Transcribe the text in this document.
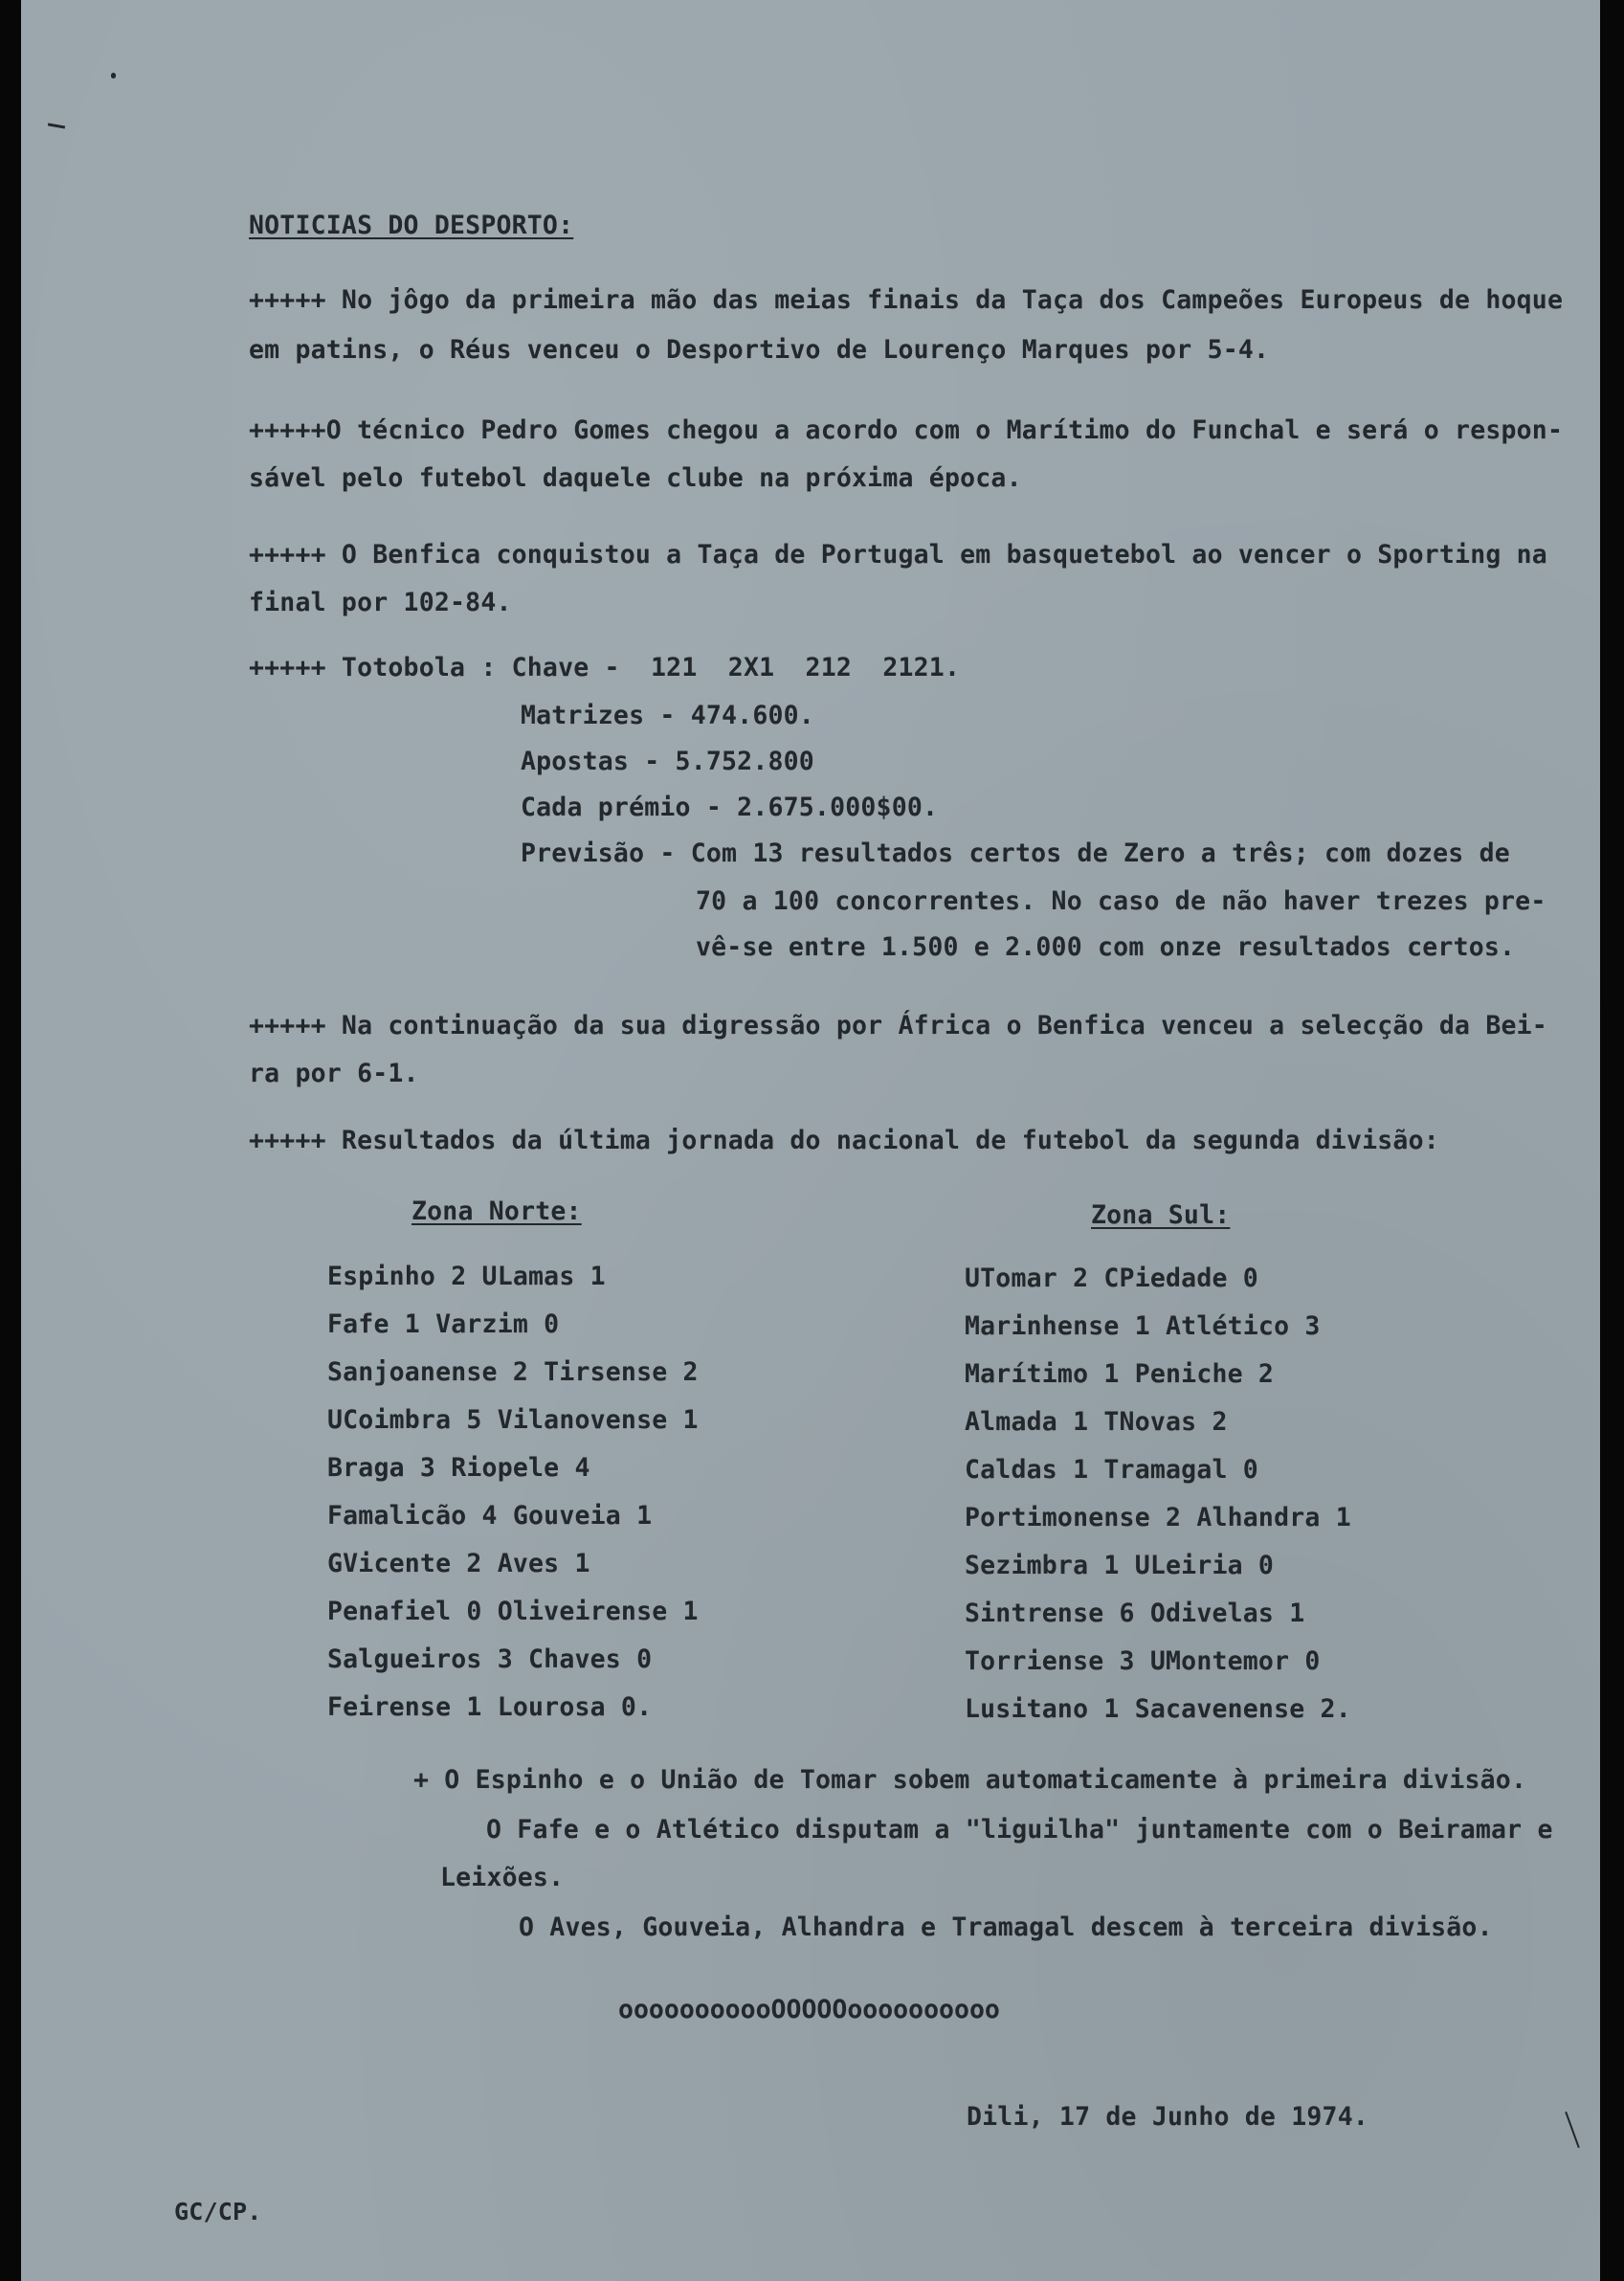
NOTICIAS DO DESPORTO:
+++++ No jôgo da primeira mão das meias finais da Taça dos Campeões Europeus de hoque
em patins, o Réus venceu o Desportivo de Lourenço Marques por 5-4.
+++++O técnico Pedro Gomes chegou a acordo com o Marítimo do Funchal e será o respon-
sável pelo futebol daquele clube na próxima época.
+++++ O Benfica conquistou a Taça de Portugal em basquetebol ao vencer o Sporting na
final por 102-84.
+++++ Totobola : Chave -  121  2X1  212  2121.
Matrizes - 474.600.
Apostas - 5.752.800
Cada prémio - 2.675.000$00.
Previsão - Com 13 resultados certos de Zero a três; com dozes de
70 a 100 concorrentes. No caso de não haver trezes pre-
vê-se entre 1.500 e 2.000 com onze resultados certos.
+++++ Na continuação da sua digressão por África o Benfica venceu a selecção da Bei-
ra por 6-1.
+++++ Resultados da última jornada do nacional de futebol da segunda divisão:
Zona Norte:
Espinho 2 ULamas 1
Fafe 1 Varzim 0
Sanjoanense 2 Tirsense 2
UCoimbra 5 Vilanovense 1
Braga 3 Riopele 4
Famalicão 4 Gouveia 1
GVicente 2 Aves 1
Penafiel 0 Oliveirense 1
Salgueiros 3 Chaves 0
Feirense 1 Lourosa 0.
Zona Sul:
UTomar 2 CPiedade 0
Marinhense 1 Atlético 3
Marítimo 1 Peniche 2
Almada 1 TNovas 2
Caldas 1 Tramagal 0
Portimonense 2 Alhandra 1
Sezimbra 1 ULeiria 0
Sintrense 6 Odivelas 1
Torriense 3 UMontemor 0
Lusitano 1 Sacavenense 2.
+ O Espinho e o União de Tomar sobem automaticamente à primeira divisão.
O Fafe e o Atlético disputam a "liguilha" juntamente com o Beiramar e
Leixões.
O Aves, Gouveia, Alhandra e Tramagal descem à terceira divisão.
ooooooooooOOOOOoooooooooo
Dili, 17 de Junho de 1974.
GC/CP.
